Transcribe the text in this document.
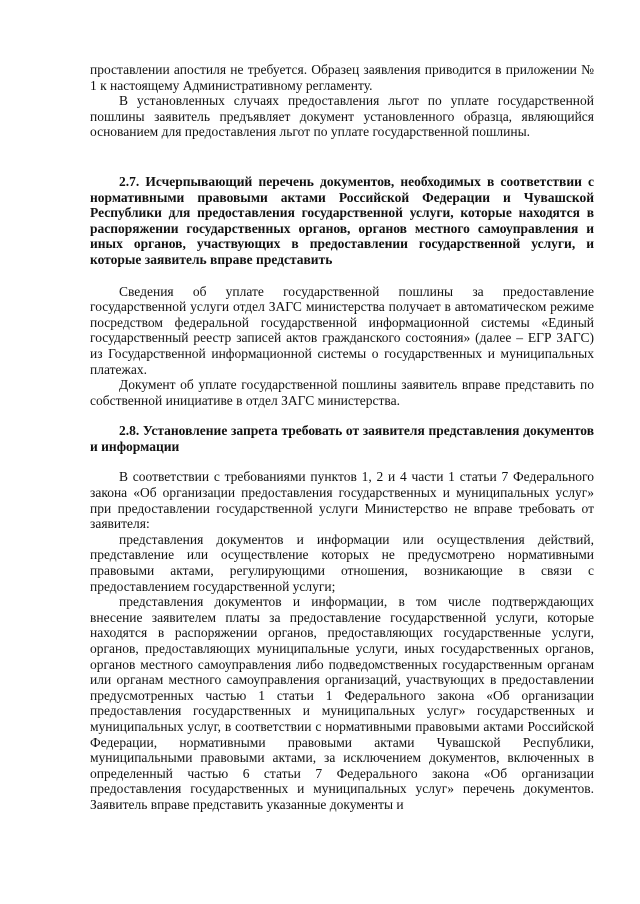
проставлении апостиля не требуется. Образец заявления приводится в приложении № 1 к настоящему Административному регламенту.

В установленных случаях предоставления льгот по уплате государственной пошлины заявитель предъявляет документ установленного образца, являющийся основанием для предоставления льгот по уплате государственной пошлины.

2.7. Исчерпывающий перечень документов, необходимых в соответствии с нормативными правовыми актами Российской Федерации и Чувашской Республики для предоставления государственной услуги, которые находятся в распоряжении государственных органов, органов местного самоуправления и иных органов, участвующих в предоставлении государственной услуги, и которые заявитель вправе представить

Сведения об уплате государственной пошлины за предоставление государственной услуги отдел ЗАГС министерства получает в автоматическом режиме посредством федеральной государственной информационной системы «Единый государственный реестр записей актов гражданского состояния» (далее – ЕГР ЗАГС) из Государственной информационной системы о государственных и муниципальных платежах.

Документ об уплате государственной пошлины заявитель вправе представить по собственной инициативе в отдел ЗАГС министерства.

2.8. Установление запрета требовать от заявителя представления документов и информации

В соответствии с требованиями пунктов 1, 2 и 4 части 1 статьи 7 Федерального закона «Об организации предоставления государственных и муниципальных услуг» при предоставлении государственной услуги Министерство не вправе требовать от заявителя:

представления документов и информации или осуществления действий, представление или осуществление которых не предусмотрено нормативными правовыми актами, регулирующими отношения, возникающие в связи с предоставлением государственной услуги;

представления документов и информации, в том числе подтверждающих внесение заявителем платы за предоставление государственной услуги, которые находятся в распоряжении органов, предоставляющих государственные услуги, органов, предоставляющих муниципальные услуги, иных государственных органов, органов местного самоуправления либо подведомственных государственным органам или органам местного самоуправления организаций, участвующих в предоставлении предусмотренных частью 1 статьи 1 Федерального закона «Об организации предоставления государственных и муниципальных услуг» государственных и муниципальных услуг, в соответствии с нормативными правовыми актами Российской Федерации, нормативными правовыми актами Чувашской Республики, муниципальными правовыми актами, за исключением документов, включенных в определенный частью 6 статьи 7 Федерального закона «Об организации предоставления государственных и муниципальных услуг» перечень документов. Заявитель вправе представить указанные документы и
